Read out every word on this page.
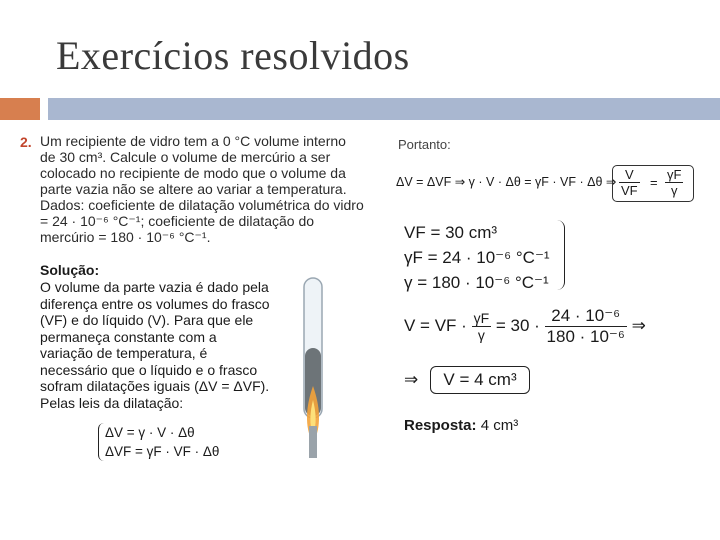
Exercícios resolvidos
2. Um recipiente de vidro tem a 0 °C volume interno de 30 cm³. Calcule o volume de mercúrio a ser colocado no recipiente de modo que o volume da parte vazia não se altere ao variar a temperatura. Dados: coeficiente de dilatação volumétrica do vidro = 24 · 10⁻⁶ °C⁻¹; coeficiente de dilatação do mercúrio = 180 · 10⁻⁶ °C⁻¹.
Solução:
O volume da parte vazia é dado pela diferença entre os volumes do frasco (VF) e do líquido (V). Para que ele permaneça constante com a variação de temperatura, é necessário que o líquido e o frasco sofram dilatações iguais (ΔV = ΔVF).
Pelas leis da dilatação:
ΔV = γ · V · Δθ
ΔVF = γF · VF · Δθ
Portanto:
ΔV = ΔVF ⇒ γ · V · Δθ = γF · VF · Δθ ⇒ $\frac{V}{VF} = \frac{\gamma F}{\gamma}$
VF = 30 cm³
γF = 24 · 10⁻⁶ °C⁻¹
γ = 180 · 10⁻⁶ °C⁻¹
V = VF · $\frac{\gamma F}{\gamma} = 30 \cdot \frac{\text{24 · 10⁻⁶}}{\text{180 · 10⁻⁶}}$ ⇒
⇒	V = 4 cm³
Resposta: 4 cm³
